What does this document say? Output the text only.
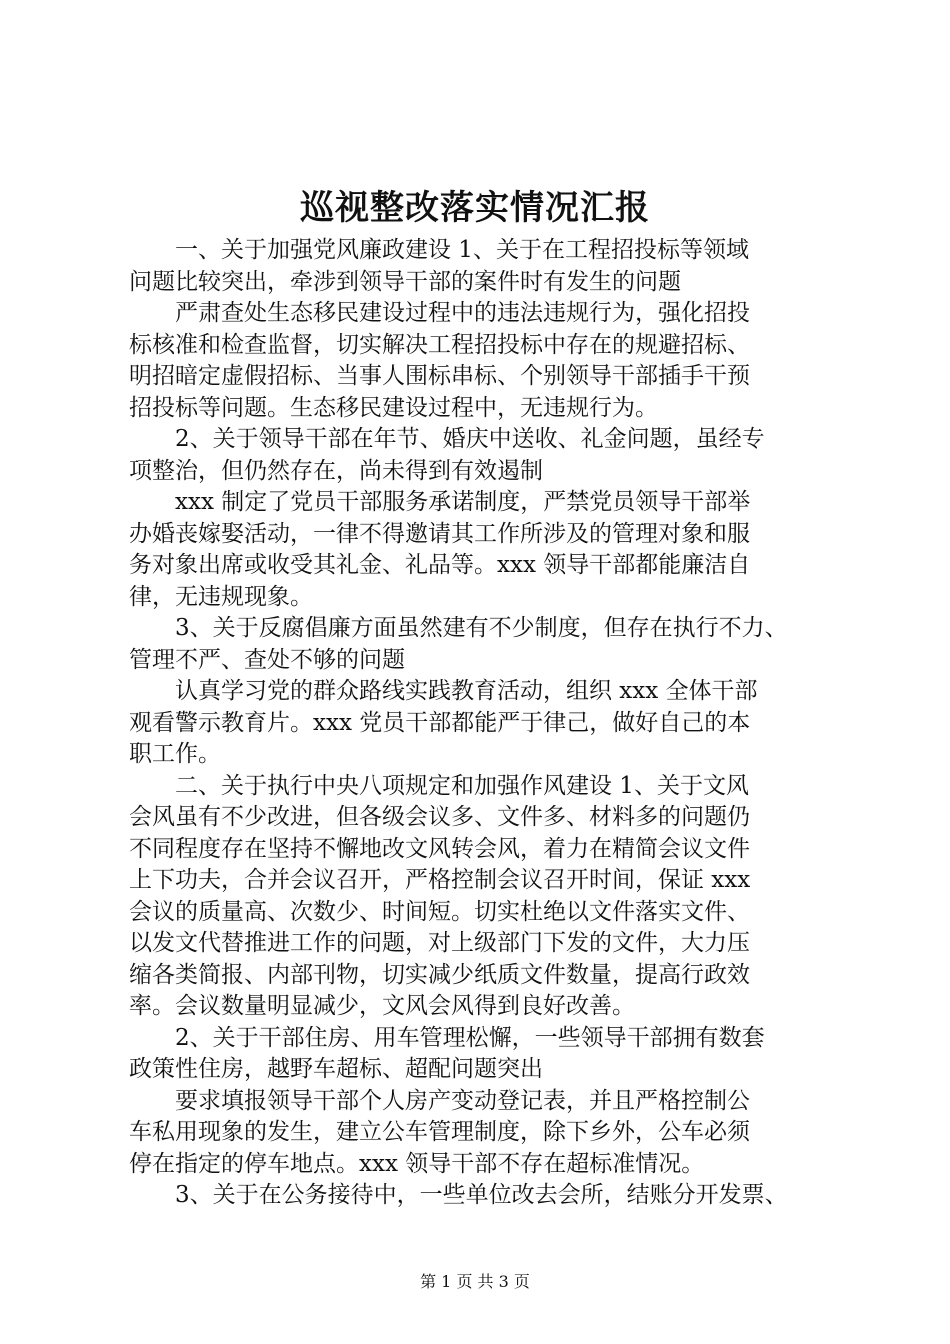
巡视整改落实情况汇报
　　一、关于加强党风廉政建设 1、关于在工程招投标等领域
问题比较突出，牵涉到领导干部的案件时有发生的问题
　　严肃查处生态移民建设过程中的违法违规行为，强化招投
标核准和检查监督，切实解决工程招投标中存在的规避招标、
明招暗定虚假招标、当事人围标串标、个别领导干部插手干预
招投标等问题。生态移民建设过程中，无违规行为。
　　2、关于领导干部在年节、婚庆中送收、礼金问题，虽经专
项整治，但仍然存在，尚未得到有效遏制
　　xxx 制定了党员干部服务承诺制度，严禁党员领导干部举
办婚丧嫁娶活动，一律不得邀请其工作所涉及的管理对象和服
务对象出席或收受其礼金、礼品等。xxx 领导干部都能廉洁自
律，无违规现象。
　　3、关于反腐倡廉方面虽然建有不少制度，但存在执行不力、
管理不严、查处不够的问题
　　认真学习党的群众路线实践教育活动，组织 xxx 全体干部
观看警示教育片。xxx 党员干部都能严于律己，做好自己的本
职工作。
　　二、关于执行中央八项规定和加强作风建设 1、关于文风
会风虽有不少改进，但各级会议多、文件多、材料多的问题仍
不同程度存在坚持不懈地改文风转会风，着力在精简会议文件
上下功夫，合并会议召开，严格控制会议召开时间，保证 xxx
会议的质量高、次数少、时间短。切实杜绝以文件落实文件、
以发文代替推进工作的问题，对上级部门下发的文件，大力压
缩各类简报、内部刊物，切实减少纸质文件数量，提高行政效
率。会议数量明显减少，文风会风得到良好改善。
　　2、关于干部住房、用车管理松懈，一些领导干部拥有数套
政策性住房，越野车超标、超配问题突出
　　要求填报领导干部个人房产变动登记表，并且严格控制公
车私用现象的发生，建立公车管理制度，除下乡外，公车必须
停在指定的停车地点。xxx 领导干部不存在超标准情况。
　　3、关于在公务接待中，一些单位改去会所，结账分开发票、
第 1 页 共 3 页
